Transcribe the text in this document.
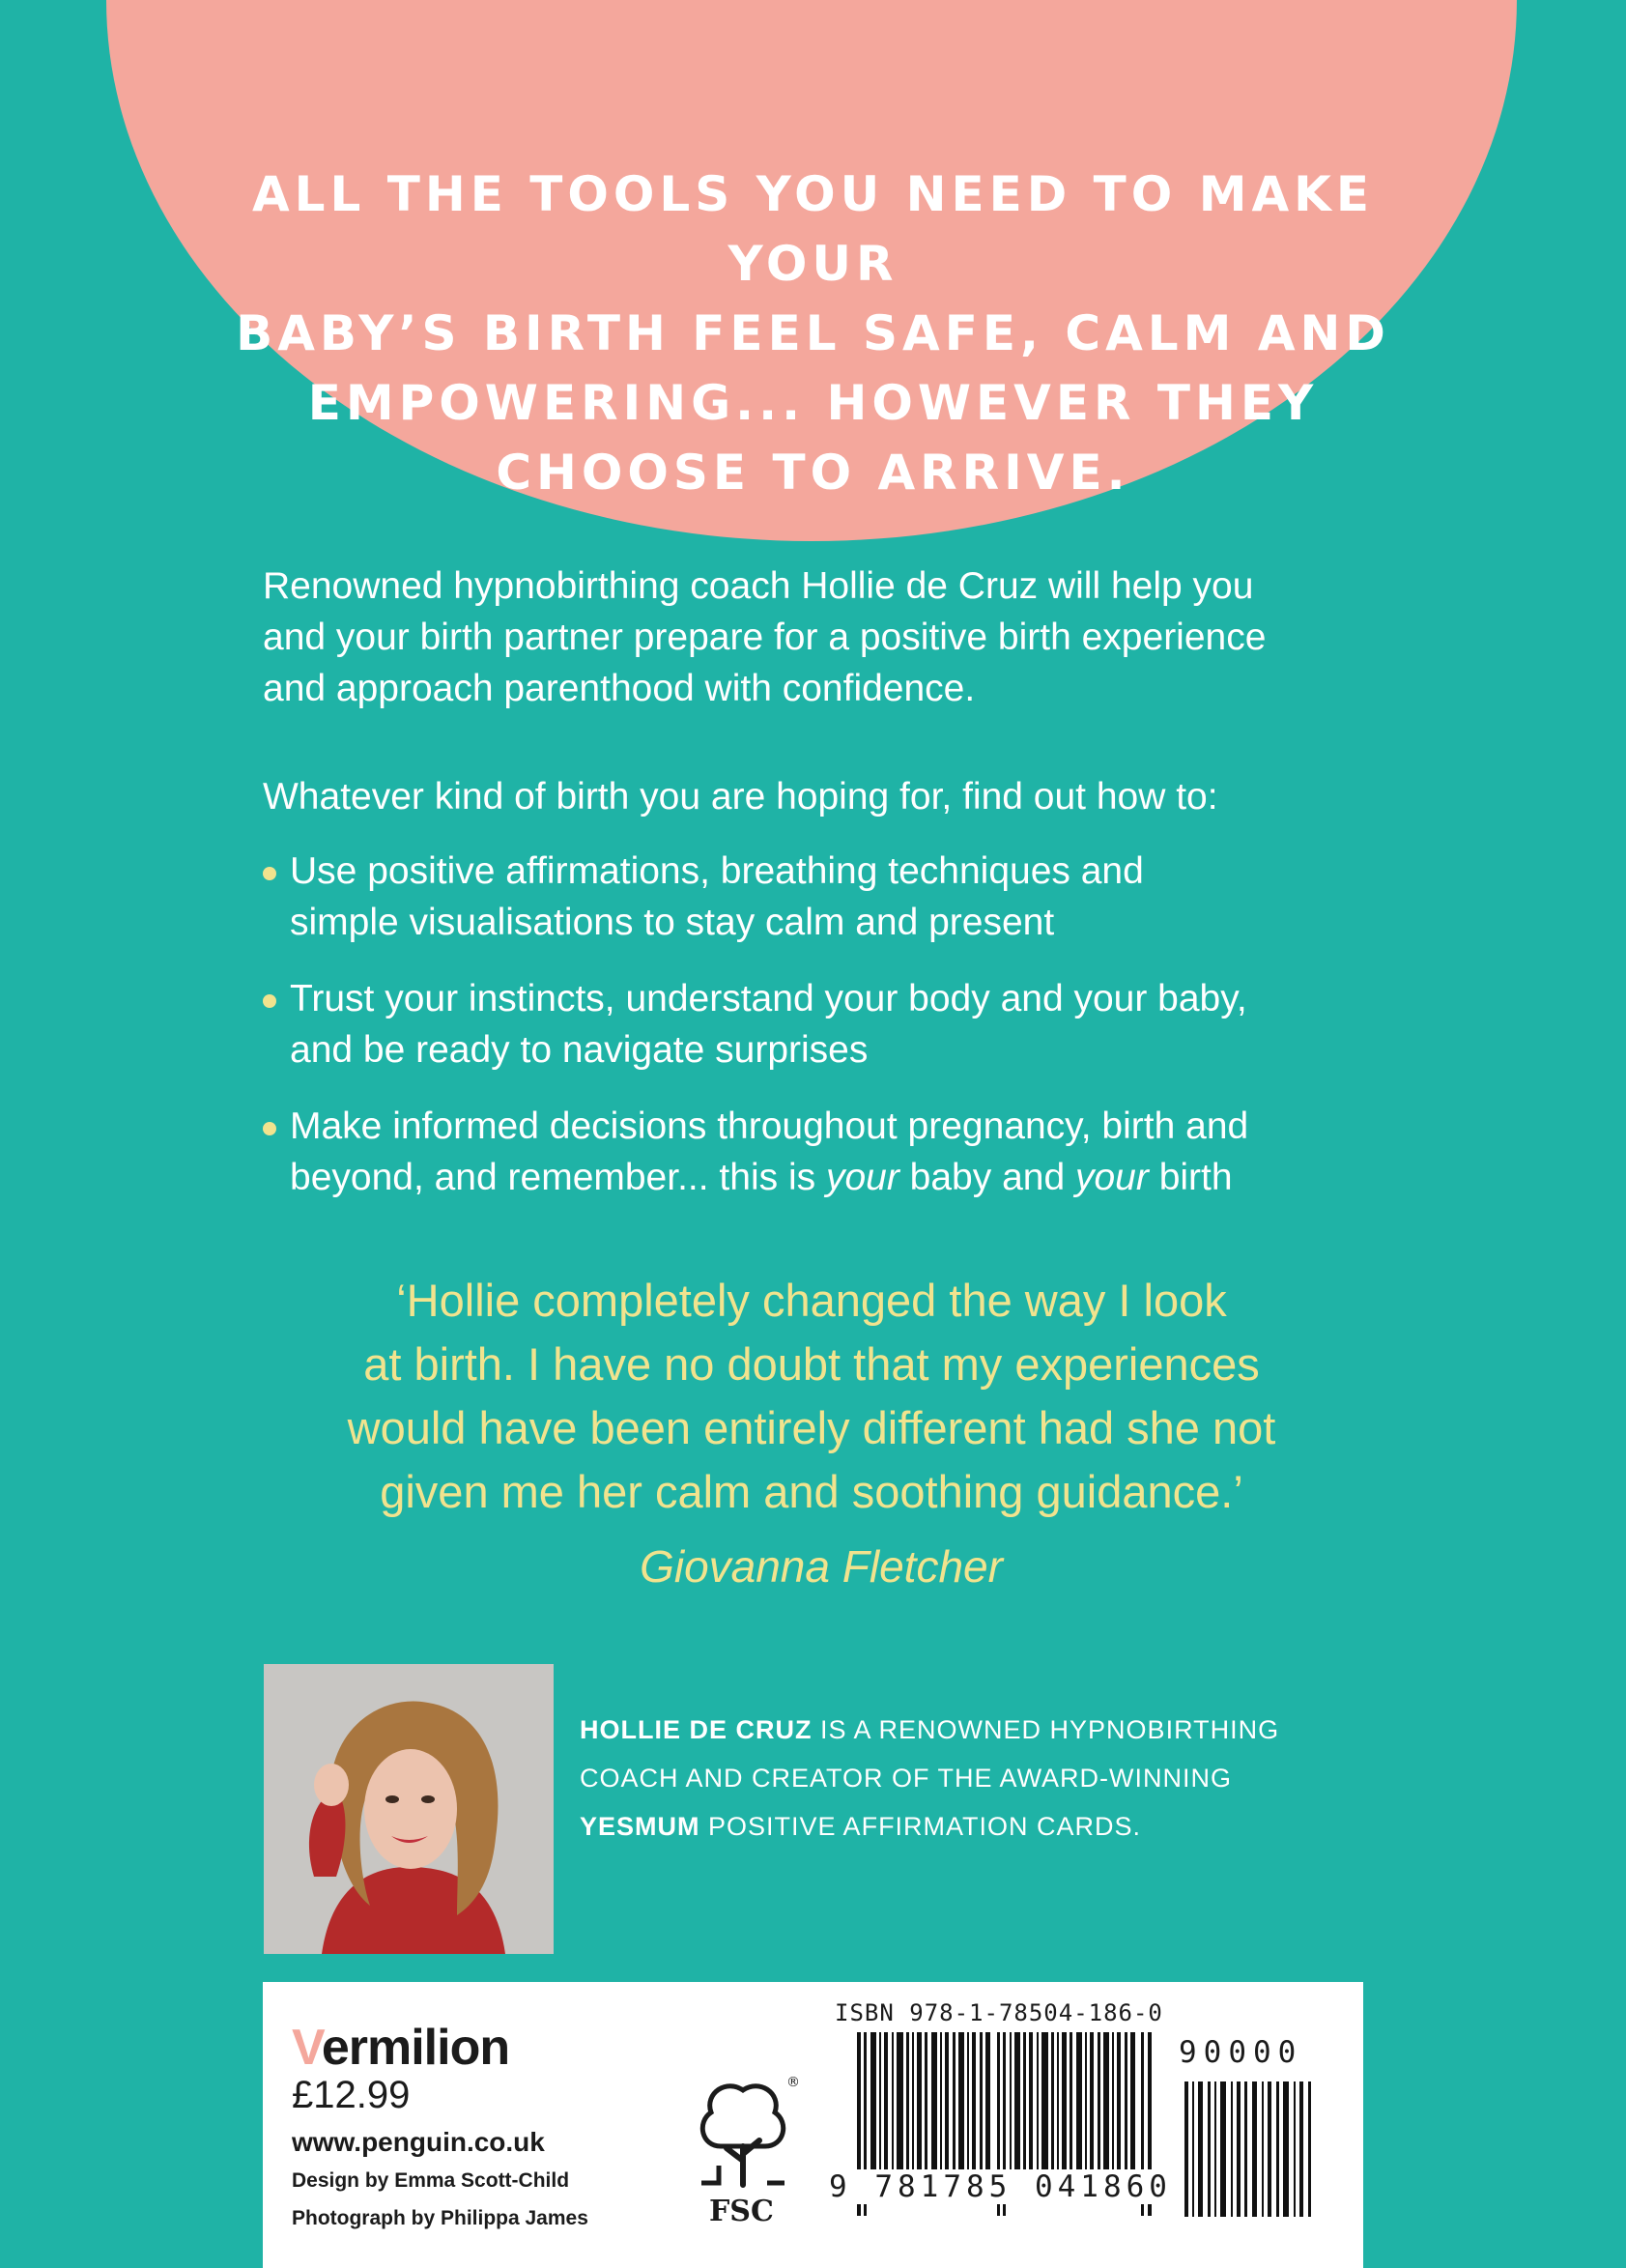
ALL THE TOOLS YOU NEED TO MAKE YOUR
BABY’S BIRTH FEEL SAFE, CALM AND
EMPOWERING... HOWEVER THEY
CHOOSE TO ARRIVE.
Renowned hypnobirthing coach Hollie de Cruz will help you
and your birth partner prepare for a positive birth experience
and approach parenthood with confidence.
Whatever kind of birth you are hoping for, find out how to:
Use positive affirmations, breathing techniques and
simple visualisations to stay calm and present
Trust your instincts, understand your body and your baby,
and be ready to navigate surprises
Make informed decisions throughout pregnancy, birth and
beyond, and remember... this is your baby and your birth
‘Hollie completely changed the way I look
at birth. I have no doubt that my experiences
would have been entirely different had she not
given me her calm and soothing guidance.’
Giovanna Fletcher
HOLLIE DE CRUZ IS A RENOWNED HYPNOBIRTHING
COACH AND CREATOR OF THE AWARD-WINNING
YESMUM POSITIVE AFFIRMATION CARDS.
Vermilion
£12.99
www.penguin.co.uk
Design by Emma Scott-Child
Photograph by Philippa James
®
FSC
ISBN 978-1-78504-186-0
9 781785 041860
90000
